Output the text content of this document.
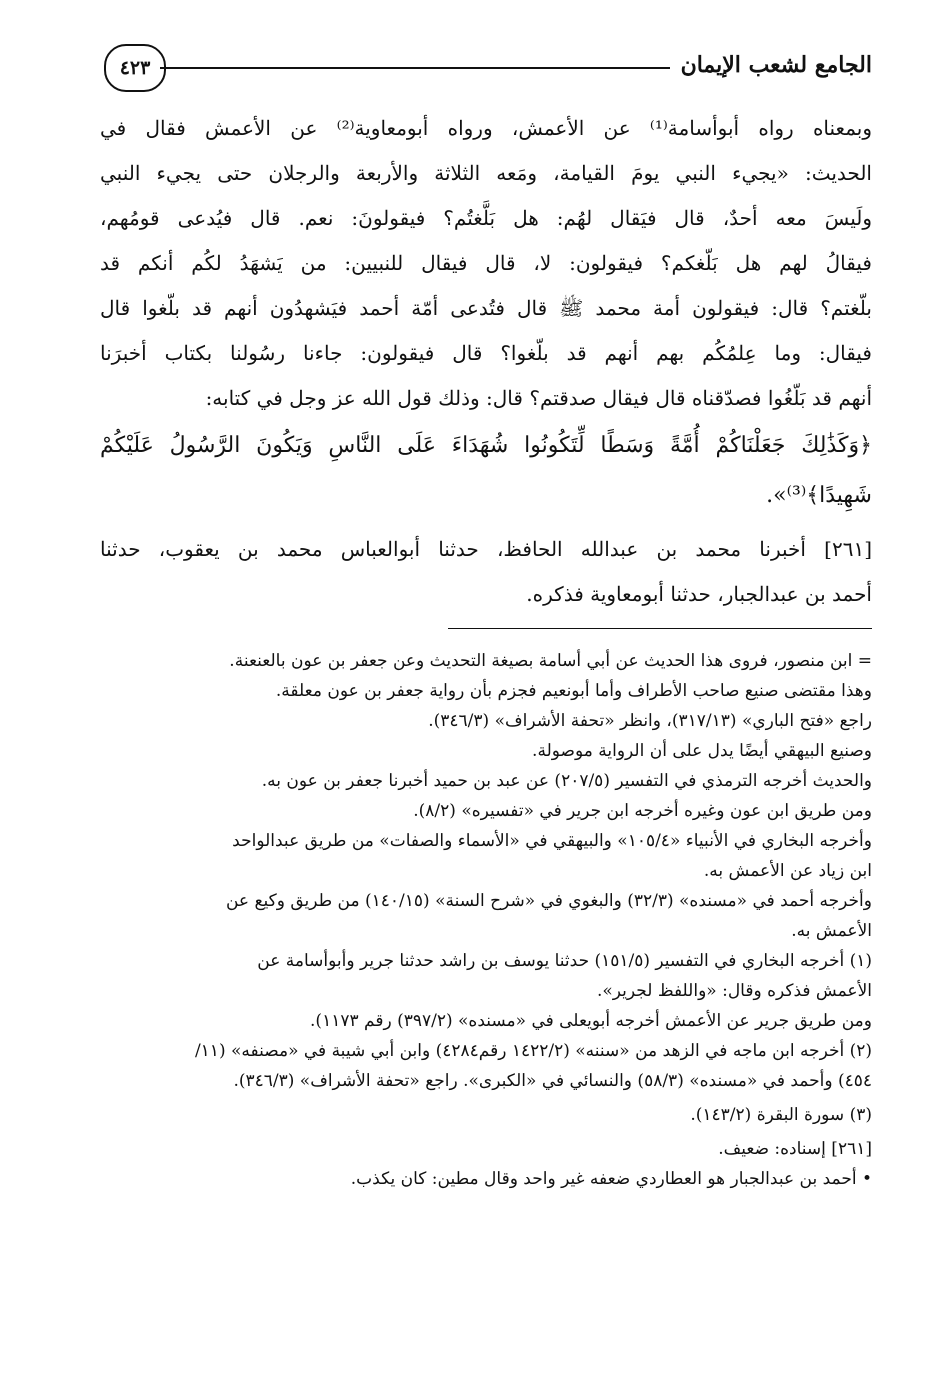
الجامع لشعب الإيمان
٤٢٣
وبمعناه رواه أبوأسامة⁽¹⁾ عن الأعمش، ورواه أبومعاوية⁽²⁾ عن الأعمش فقال في
الحديث: «يجيء النبي يومَ القيامة، ومَعه الثلاثة والأربعة والرجلان حتى يجيء النبي
ولَيسَ معه أحدٌ، قال فيَقال لهُم: هل بَلَّغتُم؟ فيقولونَ: نعم. قال فيُدعى قومُهم،
فيقالُ لهم هل بَلّغكم؟ فيقولون: لا، قال فيقال للنبيين: من يَشهَدُ لكُم أنكم قد
بلّغتم؟ قال: فيقولون أمة محمد ﷺ قال فتُدعى أمّة أحمد فيَشهدُون أنهم قد بلّغوا قال
فيقال: وما عِلمُكُم بهم أنهم قد بلّغوا؟ قال فيقولون: جاءنا رسُولنا بكتاب أخبرَنا
أنهم قد بَلّغُوا فصدّقناه قال فيقال صدقتم؟ قال: وذلك قول الله عز وجل في كتابه:
﴿وَكَذَٰلِكَ جَعَلْنَاكُمْ أُمَّةً وَسَطًا لِّتَكُونُوا شُهَدَاءَ عَلَى النَّاسِ وَيَكُونَ الرَّسُولُ عَلَيْكُمْ
شَهِيدًا﴾⁽³⁾».
[٢٦١] أخبرنا محمد بن عبدالله الحافظ، حدثنا أبوالعباس محمد بن يعقوب، حدثنا
أحمد بن عبدالجبار، حدثنا أبومعاوية فذكره.
= ابن منصور، فروى هذا الحديث عن أبي أسامة بصيغة التحديث وعن جعفر بن عون بالعنعنة.
وهذا مقتضى صنيع صاحب الأطراف وأما أبونعيم فجزم بأن رواية جعفر بن عون معلقة.
راجع «فتح الباري» (٣١٧/١٣)، وانظر «تحفة الأشراف» (٣٤٦/٣).
وصنيع البيهقي أيضًا يدل على أن الرواية موصولة.
والحديث أخرجه الترمذي في التفسير (٢٠٧/٥) عن عبد بن حميد أخبرنا جعفر بن عون به.
ومن طريق ابن عون وغيره أخرجه ابن جرير في «تفسيره» (٨/٢).
وأخرجه البخاري في الأنبياء «١٠٥/٤» والبيهقي في «الأسماء والصفات» من طريق عبدالواحد
ابن زياد عن الأعمش به.
وأخرجه أحمد في «مسنده» (٣٢/٣) والبغوي في «شرح السنة» (١٤٠/١٥) من طريق وكيع عن
الأعمش به.
(١) أخرجه البخاري في التفسير (١٥١/٥) حدثنا يوسف بن راشد حدثنا جرير وأبوأسامة عن
الأعمش فذكره وقال: «واللفظ لجرير».
ومن طريق جرير عن الأعمش أخرجه أبويعلى في «مسنده» (٣٩٧/٢) رقم ١١٧٣).
(٢) أخرجه ابن ماجه في الزهد من «سننه» (١٤٢٢/٢ رقم٤٢٨٤) وابن أبي شيبة في «مصنفه» (١١/
٤٥٤) وأحمد في «مسنده» (٥٨/٣) والنسائي في «الكبرى». راجع «تحفة الأشراف» (٣٤٦/٣).
(٣) سورة البقرة (١٤٣/٢).
[٢٦١] إسناده: ضعيف.
• أحمد بن عبدالجبار هو العطاردي ضعفه غير واحد وقال مطين: كان يكذب.
